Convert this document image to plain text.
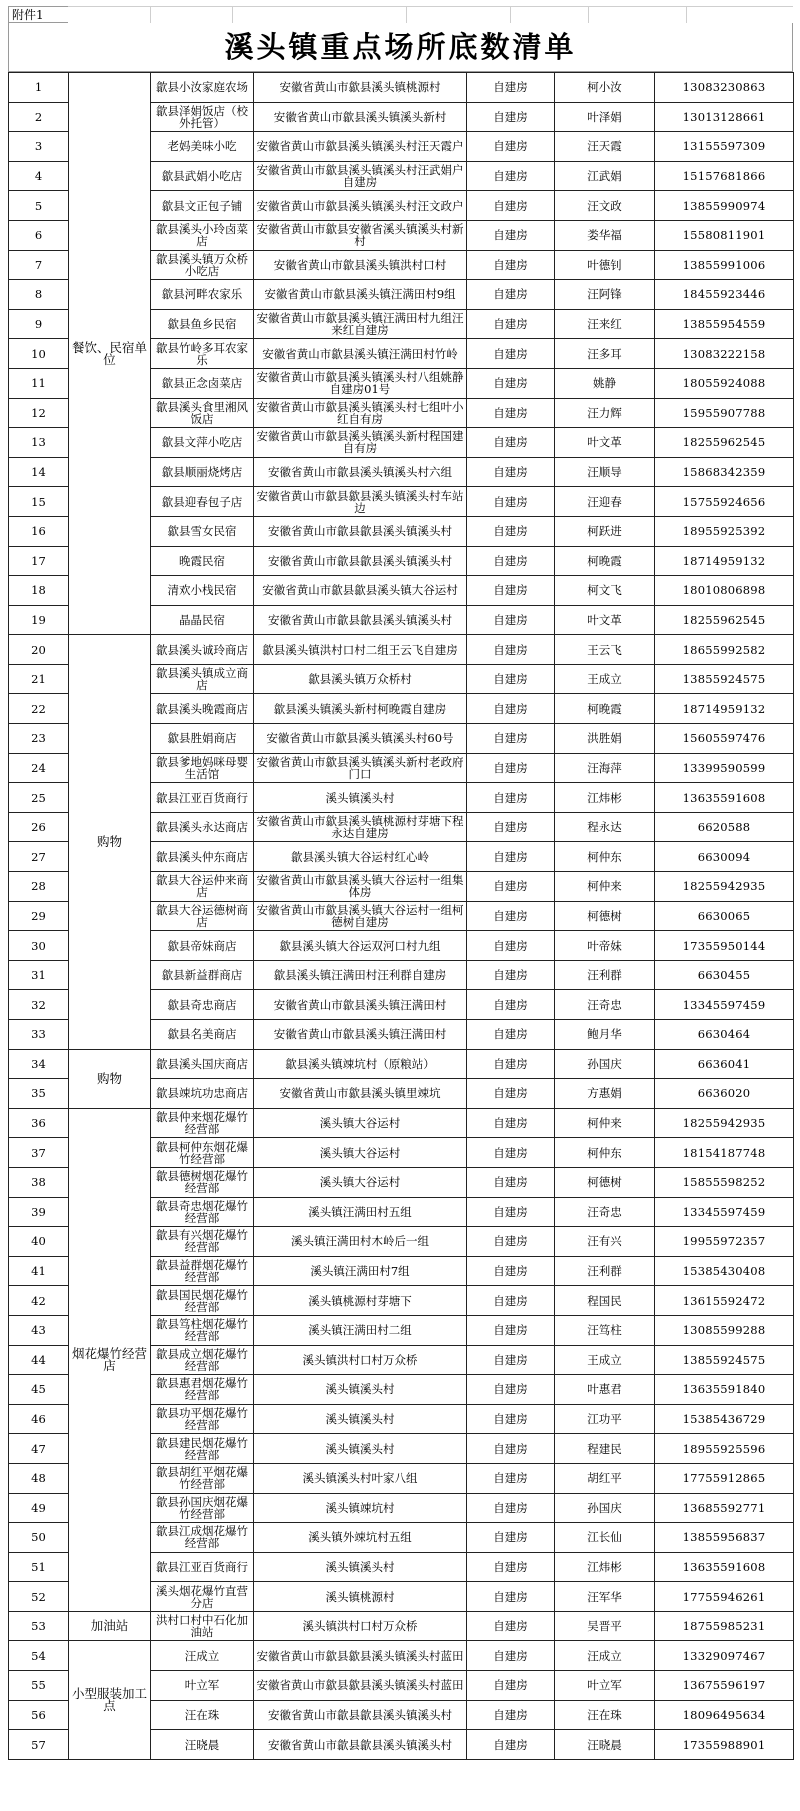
附件1
溪头镇重点场所底数清单
1	餐饮、民宿单位	歙县小汝家庭农场	安徽省黄山市歙县溪头镇桃源村	自建房	柯小汝	13083230863
2		歙县泽娟饭店（校外托管）	安徽省黄山市歙县溪头镇溪头新村	自建房	叶泽娟	13013128661
3		老妈美味小吃	安徽省黄山市歙县溪头镇溪头村汪天霞户	自建房	汪天霞	13155597309
4		歙县武娟小吃店	安徽省黄山市歙县溪头镇溪头村汪武娟户自建房	自建房	江武娟	15157681866
5		歙县文正包子铺	安徽省黄山市歙县溪头镇溪头村汪文政户	自建房	汪文政	13855990974
6		歙县溪头小玲卤菜店	安徽省黄山市歙县安徽省溪头镇溪头村新村	自建房	娄华福	15580811901
7		歙县溪头镇万众桥小吃店	安徽省黄山市歙县溪头镇洪村口村	自建房	叶德钊	13855991006
8		歙县河畔农家乐	安徽省黄山市歙县溪头镇汪满田村9组	自建房	汪阿锋	18455923446
9		歙县鱼乡民宿	安徽省黄山市歙县溪头镇汪满田村九组汪来红自建房	自建房	汪来红	13855954559
10		歙县竹岭多耳农家乐	安徽省黄山市歙县溪头镇汪满田村竹岭	自建房	汪多耳	13083222158
11		歙县正念卤菜店	安徽省黄山市歙县溪头镇溪头村八组姚静自建房01号	自建房	姚静	18055924088
12		歙县溪头食里湘风饭店	安徽省黄山市歙县溪头镇溪头村七组叶小红自有房	自建房	汪力辉	15955907788
13		歙县文萍小吃店	安徽省黄山市歙县溪头镇溪头新村程国建自有房	自建房	叶文革	18255962545
14		歙县顺丽烧烤店	安徽省黄山市歙县溪头镇溪头村六组	自建房	汪顺导	15868342359
15		歙县迎春包子店	安徽省黄山市歙县歙县溪头镇溪头村车站边	自建房	汪迎春	15755924656
16		歙县雪女民宿	安徽省黄山市歙县歙县溪头镇溪头村	自建房	柯跃进	18955925392
17		晚霞民宿	安徽省黄山市歙县歙县溪头镇溪头村	自建房	柯晚霞	18714959132
18		清欢小栈民宿	安徽省黄山市歙县歙县溪头镇大谷运村	自建房	柯文飞	18010806898
19		晶晶民宿	安徽省黄山市歙县歙县溪头镇溪头村	自建房	叶文革	18255962545
20	购物	歙县溪头诚玲商店	歙县溪头镇洪村口村二组王云飞自建房	自建房	王云飞	18655992582
21		歙县溪头镇成立商店	歙县溪头镇万众桥村	自建房	王成立	13855924575
22		歙县溪头晚霞商店	歙县溪头镇溪头新村柯晚霞自建房	自建房	柯晚霞	18714959132
23		歙县胜娟商店	安徽省黄山市歙县溪头镇溪头村60号	自建房	洪胜娟	15605597476
24		歙县爹地妈咪母婴生活馆	安徽省黄山市歙县溪头镇溪头新村老政府门口	自建房	汪海萍	13399590599
25		歙县江亚百货商行	溪头镇溪头村	自建房	江炜彬	13635591608
26		歙县溪头永达商店	安徽省黄山市歙县溪头镇桃源村芽塘下程永达自建房	自建房	程永达	6620588
27		歙县溪头仲东商店	歙县溪头镇大谷运村红心岭	自建房	柯仲东	6630094
28		歙县大谷运仲来商店	安徽省黄山市歙县溪头镇大谷运村一组集体房	自建房	柯仲来	18255942935
29		歙县大谷运德树商店	安徽省黄山市歙县溪头镇大谷运村一组柯德树自建房	自建房	柯德树	6630065
30		歙县帝妹商店	歙县溪头镇大谷运双河口村九组	自建房	叶帝妹	17355950144
31		歙县新益群商店	歙县溪头镇汪满田村汪利群自建房	自建房	汪利群	6630455
32		歙县奇忠商店	安徽省黄山市歙县溪头镇汪满田村	自建房	汪奇忠	13345597459
33		歙县名美商店	安徽省黄山市歙县溪头镇汪满田村	自建房	鲍月华	6630464
34	购物	歙县溪头国庆商店	歙县溪头镇竦坑村（原粮站）	自建房	孙国庆	6636041
35		歙县竦坑功忠商店	安徽省黄山市歙县溪头镇里竦坑	自建房	方惠娟	6636020
36	烟花爆竹经营店	歙县仲来烟花爆竹经营部	溪头镇大谷运村	自建房	柯仲来	18255942935
37		歙县柯仲东烟花爆竹经营部	溪头镇大谷运村	自建房	柯仲东	18154187748
38		歙县德树烟花爆竹经营部	溪头镇大谷运村	自建房	柯德树	15855598252
39		歙县奇忠烟花爆竹经营部	溪头镇汪满田村五组	自建房	汪奇忠	13345597459
40		歙县有兴烟花爆竹经营部	溪头镇汪满田村木岭后一组	自建房	汪有兴	19955972357
41		歙县益群烟花爆竹经营部	溪头镇汪满田村7组	自建房	汪利群	15385430408
42		歙县国民烟花爆竹经营部	溪头镇桃源村芽塘下	自建房	程国民	13615592472
43		歙县笃柱烟花爆竹经营部	溪头镇汪满田村二组	自建房	汪笃柱	13085599288
44		歙县成立烟花爆竹经营部	溪头镇洪村口村万众桥	自建房	王成立	13855924575
45		歙县惠君烟花爆竹经营部	溪头镇溪头村	自建房	叶惠君	13635591840
46		歙县功平烟花爆竹经营部	溪头镇溪头村	自建房	江功平	15385436729
47		歙县建民烟花爆竹经营部	溪头镇溪头村	自建房	程建民	18955925596
48		歙县胡红平烟花爆竹经营部	溪头镇溪头村叶家八组	自建房	胡红平	17755912865
49		歙县孙国庆烟花爆竹经营部	溪头镇竦坑村	自建房	孙国庆	13685592771
50		歙县江成烟花爆竹经营部	溪头镇外竦坑村五组	自建房	江长仙	13855956837
51		歙县江亚百货商行	溪头镇溪头村	自建房	江炜彬	13635591608
52		溪头烟花爆竹直营分店	溪头镇桃源村	自建房	汪军华	17755946261
53	加油站	洪村口村中石化加油站	溪头镇洪村口村万众桥	自建房	吴晋平	18755985231
54	小型服装加工点	汪成立	安徽省黄山市歙县歙县溪头镇溪头村蓝田	自建房	汪成立	13329097467
55		叶立军	安徽省黄山市歙县歙县溪头镇溪头村蓝田	自建房	叶立军	13675596197
56		汪在珠	安徽省黄山市歙县歙县溪头镇溪头村	自建房	汪在珠	18096495634
57		汪晓晨	安徽省黄山市歙县歙县溪头镇溪头村	自建房	汪晓晨	17355988901
